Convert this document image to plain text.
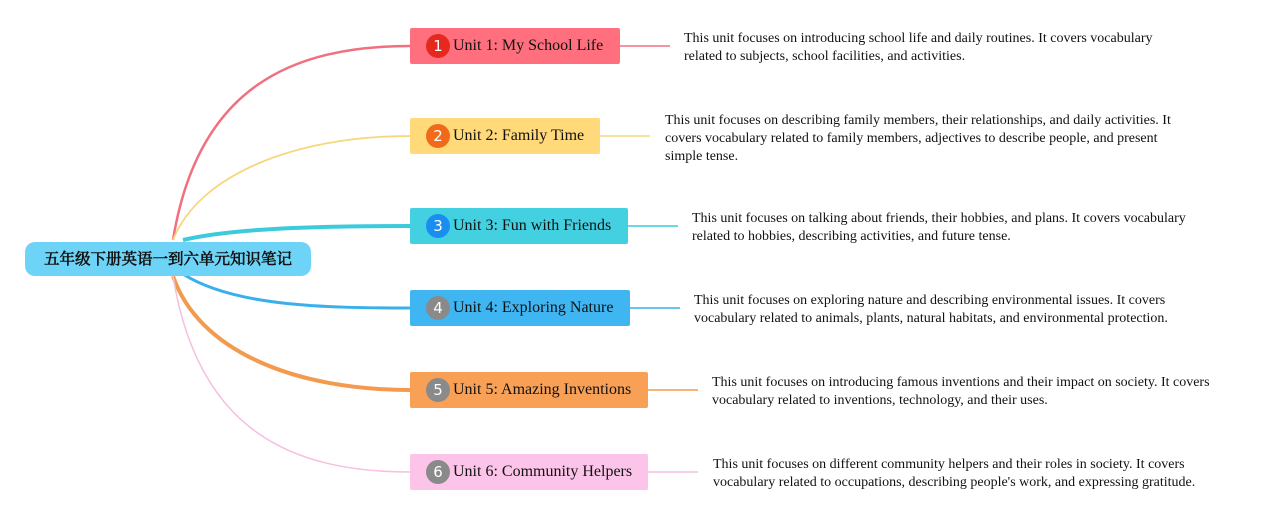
五年级下册英语一到六单元知识笔记
1 Unit 1: My School Life	This unit focuses on introducing school life and daily routines. It covers vocabulary related to subjects, school facilities, and activities.
2 Unit 2: Family Time
This unit focuses on describing family members, their relationships, and daily activities. It covers vocabulary related to family members, adjectives to describe people, and present simple tense.
3 Unit 3: Fun with Friends	This unit focuses on talking about friends, their hobbies, and plans. It covers vocabulary related to hobbies, describing activities, and future tense.
4 Unit 4: Exploring Nature	This unit focuses on exploring nature and describing environmental issues. It covers vocabulary related to animals, plants, natural habitats, and environmental protection.
5 Unit 5: Amazing Inventions	This unit focuses on introducing famous inventions and their impact on society. It covers vocabulary related to inventions, technology, and their uses.
6 Unit 6: Community Helpers	This unit focuses on different community helpers and their roles in society. It covers vocabulary related to occupations, describing people's work, and expressing gratitude.
